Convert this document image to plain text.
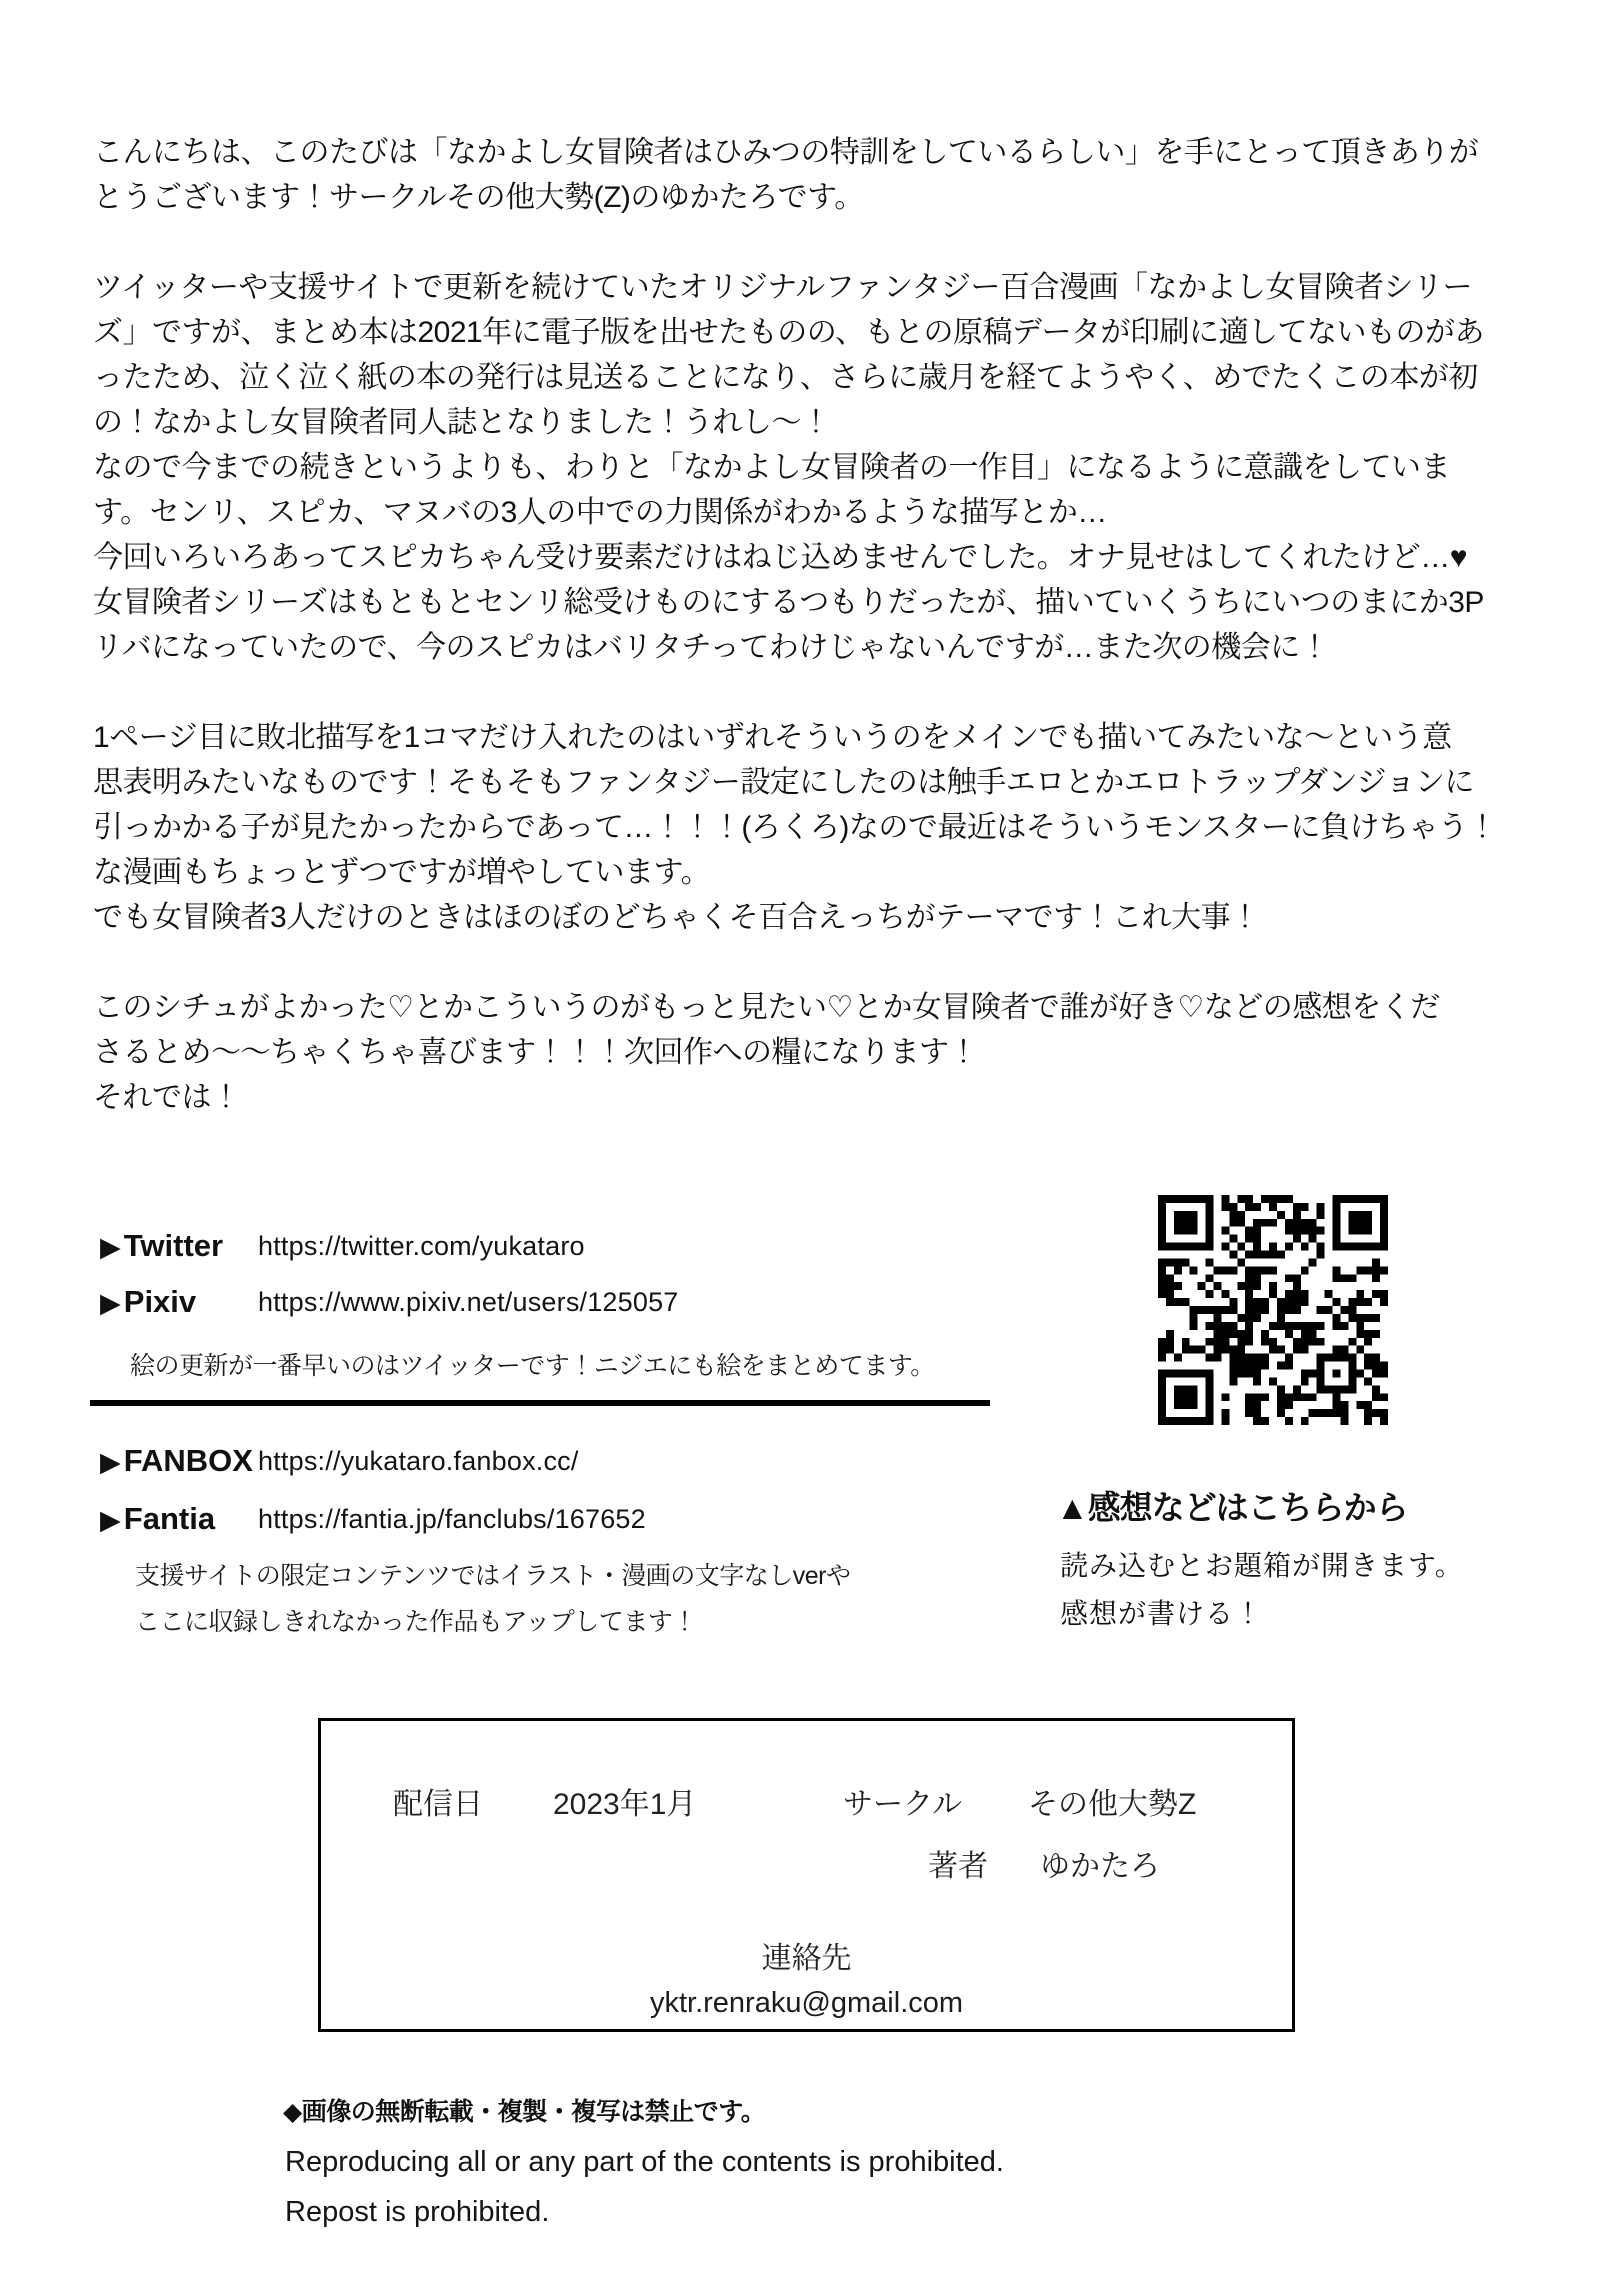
こんにちは、このたびは「なかよし女冒険者はひみつの特訓をしているらしい」を手にとって頂きありが
とうございます！サークルその他大勢(Z)のゆかたろです。

ツイッターや支援サイトで更新を続けていたオリジナルファンタジー百合漫画「なかよし女冒険者シリー
ズ」ですが、まとめ本は2021年に電子版を出せたものの、もとの原稿データが印刷に適してないものがあ
ったため、泣く泣く紙の本の発行は見送ることになり、さらに歳月を経てようやく、めでたくこの本が初
の！なかよし女冒険者同人誌となりました！うれし〜！
なので今までの続きというよりも、わりと「なかよし女冒険者の一作目」になるように意識をしていま
す。センリ、スピカ、マヌバの3人の中での力関係がわかるような描写とか…
今回いろいろあってスピカちゃん受け要素だけはねじ込めませんでした。オナ見せはしてくれたけど…♥
女冒険者シリーズはもともとセンリ総受けものにするつもりだったが、描いていくうちにいつのまにか3P
リバになっていたので、今のスピカはバリタチってわけじゃないんですが…また次の機会に！

1ページ目に敗北描写を1コマだけ入れたのはいずれそういうのをメインでも描いてみたいな〜という意
思表明みたいなものです！そもそもファンタジー設定にしたのは触手エロとかエロトラップダンジョンに
引っかかる子が見たかったからであって…！！！(ろくろ)なので最近はそういうモンスターに負けちゃう！
な漫画もちょっとずつですが増やしています。
でも女冒険者3人だけのときはほのぼのどちゃくそ百合えっちがテーマです！これ大事！

このシチュがよかった♡とかこういうのがもっと見たい♡とか女冒険者で誰が好き♡などの感想をくだ
さるとめ〜〜ちゃくちゃ喜びます！！！次回作への糧になります！
それでは！

▶Twitter https://twitter.com/yukataro
▶Pixiv https://www.pixiv.net/users/125057
絵の更新が一番早いのはツイッターです！ニジエにも絵をまとめてます。
▶FANBOX https://yukataro.fanbox.cc/
▶Fantia https://fantia.jp/fanclubs/167652
支援サイトの限定コンテンツではイラスト・漫画の文字なしverや
ここに収録しきれなかった作品もアップしてます！
▲感想などはこちらから
読み込むとお題箱が開きます。
感想が書ける！
配信日 2023年1月	サークル その他大勢Z
著者 ゆかたろ
連絡先
yktr.renraku@gmail.com
◆画像の無断転載・複製・複写は禁止です。
Reproducing all or any part of the contents is prohibited.
Repost is prohibited.
